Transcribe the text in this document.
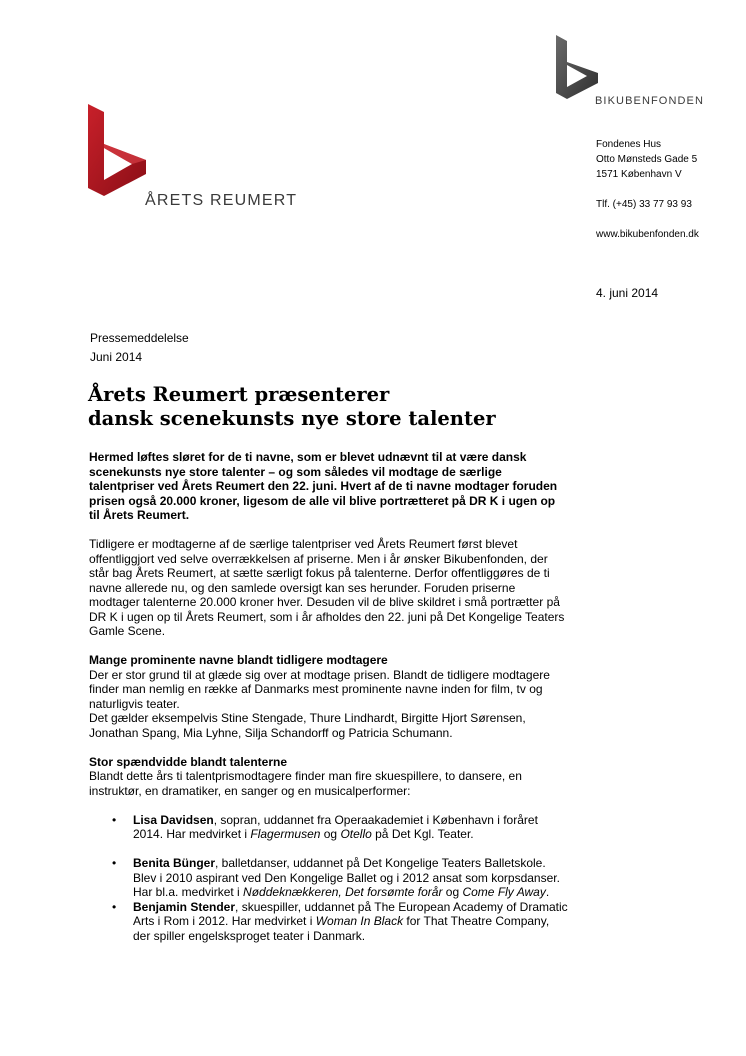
ÅRETS REUMERT
BIKUBENFONDEN
Fondenes Hus
Otto Mønsteds Gade 5
1571 København V
Tlf. (+45) 33 77 93 93
www.bikubenfonden.dk
4. juni 2014
Pressemeddelelse
Juni 2014
Årets Reumert præsenterer
dansk scenekunsts nye store talenter

Hermed løftes sløret for de ti navne, som er blevet udnævnt til at være dansk scenekunsts nye store talenter – og som således vil modtage de særlige talentpriser ved Årets Reumert den 22. juni. Hvert af de ti navne modtager foruden prisen også 20.000 kroner, ligesom de alle vil blive portrætteret på DR K i ugen op til Årets Reumert.

Tidligere er modtagerne af de særlige talentpriser ved Årets Reumert først blevet offentliggjort ved selve overrækkelsen af priserne. Men i år ønsker Bikubenfonden, der står bag Årets Reumert, at sætte særligt fokus på talenterne. Derfor offentliggøres de ti navne allerede nu, og den samlede oversigt kan ses herunder. Foruden priserne modtager talenterne 20.000 kroner hver. Desuden vil de blive skildret i små portrætter på DR K i ugen op til Årets Reumert, som i år afholdes den 22. juni på Det Kongelige Teaters Gamle Scene.

Mange prominente navne blandt tidligere modtagere

Der er stor grund til at glæde sig over at modtage prisen. Blandt de tidligere modtagere finder man nemlig en række af Danmarks mest prominente navne inden for film, tv og naturligvis teater.

Det gælder eksempelvis Stine Stengade, Thure Lindhardt, Birgitte Hjort Sørensen, Jonathan Spang, Mia Lyhne, Silja Schandorff og Patricia Schumann.

Stor spændvidde blandt talenterne

Blandt dette års ti talentprismodtagere finder man fire skuespillere, to dansere, en instruktør, en dramatiker, en sanger og en musicalperformer:

• Lisa Davidsen, sopran, uddannet fra Operaakademiet i København i foråret 2014. Har medvirket i Flagermusen og Otello på Det Kgl. Teater.
• Benita Bünger, balletdanser, uddannet på Det Kongelige Teaters Balletskole. Blev i 2010 aspirant ved Den Kongelige Ballet og i 2012 ansat som korpsdanser. Har bl.a. medvirket i Nøddeknækkeren, Det forsømte forår og Come Fly Away.
• Benjamin Stender, skuespiller, uddannet på The European Academy of Dramatic Arts i Rom i 2012. Har medvirket i Woman In Black for That Theatre Company, der spiller engelsksproget teater i Danmark.
